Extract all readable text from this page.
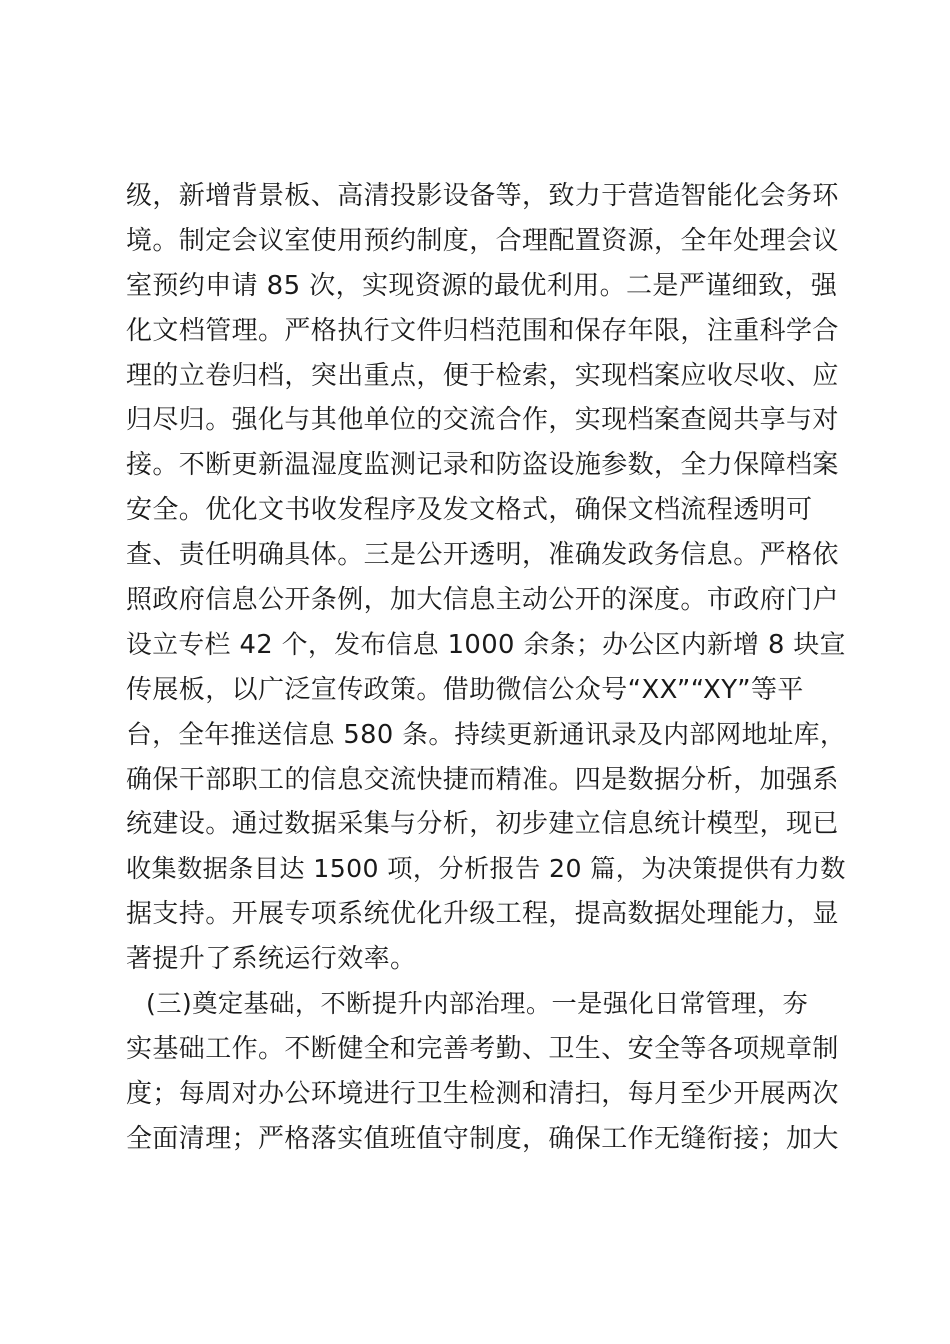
级，新增背景板、高清投影设备等，致力于营造智能化会务环
境。制定会议室使用预约制度，合理配置资源，全年处理会议
室预约申请 85 次，实现资源的最优利用。二是严谨细致，强
化文档管理。严格执行文件归档范围和保存年限，注重科学合
理的立卷归档，突出重点，便于检索，实现档案应收尽收、应
归尽归。强化与其他单位的交流合作，实现档案查阅共享与对
接。不断更新温湿度监测记录和防盗设施参数，全力保障档案
安全。优化文书收发程序及发文格式，确保文档流程透明可
查、责任明确具体。三是公开透明，准确发政务信息。严格依
照政府信息公开条例，加大信息主动公开的深度。市政府门户
设立专栏 42 个，发布信息 1000 余条；办公区内新增 8 块宣
传展板，以广泛宣传政策。借助微信公众号“XX”“XY”等平
台，全年推送信息 580 条。持续更新通讯录及内部网地址库，
确保干部职工的信息交流快捷而精准。四是数据分析，加强系
统建设。通过数据采集与分析，初步建立信息统计模型，现已
收集数据条目达 1500 项，分析报告 20 篇，为决策提供有力数
据支持。开展专项系统优化升级工程，提高数据处理能力，显
著提升了系统运行效率。
(三)奠定基础，不断提升内部治理。一是强化日常管理，夯
实基础工作。不断健全和完善考勤、卫生、安全等各项规章制
度；每周对办公环境进行卫生检测和清扫，每月至少开展两次
全面清理；严格落实值班值守制度，确保工作无缝衔接；加大
